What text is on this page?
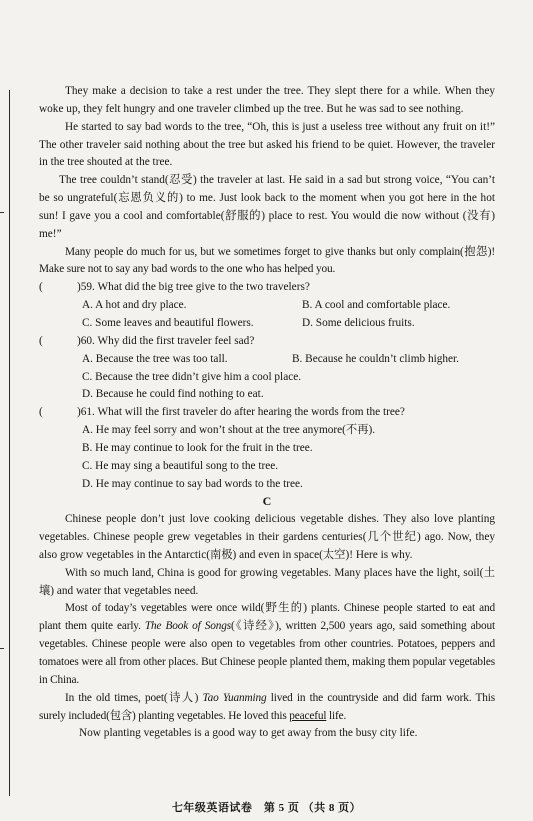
They make a decision to take a rest under the tree. They slept there for a while. When they woke up, they felt hungry and one traveler climbed up the tree. But he was sad to see nothing.

He started to say bad words to the tree, “Oh, this is just a useless tree without any fruit on it!” The other traveler said nothing about the tree but asked his friend to be quiet. However, the traveler in the tree shouted at the tree.

The tree couldn’t stand(忍受) the traveler at last. He said in a sad but strong voice, “You can’t be so ungrateful(忘恩负义的) to me. Just look back to the moment when you got here in the hot sun! I gave you a cool and comfortable(舒服的) place to rest. You would die now without (没有) me!”

Many people do much for us, but we sometimes forget to give thanks but only complain(抱怨)! Make sure not to say any bad words to the one who has helped you.

(	)59. What did the big tree give to the two travelers?

A. A hot and dry place.	B. A cool and comfortable place.

C. Some leaves and beautiful flowers.	D. Some delicious fruits.

(	)60. Why did the first traveler feel sad?

A. Because the tree was too tall.	B. Because he couldn’t climb higher.

C. Because the tree didn’t give him a cool place.

D. Because he could find nothing to eat.

(	)61. What will the first traveler do after hearing the words from the tree?

A. He may feel sorry and won’t shout at the tree anymore(不再).

B. He may continue to look for the fruit in the tree.

C. He may sing a beautiful song to the tree.

D. He may continue to say bad words to the tree.

C

Chinese people don’t just love cooking delicious vegetable dishes. They also love planting vegetables. Chinese people grew vegetables in their gardens centuries(几个世纪) ago. Now, they also grow vegetables in the Antarctic(南极) and even in space(太空)! Here is why.

With so much land, China is good for growing vegetables. Many places have the light, soil(土壤) and water that vegetables need.

Most of today’s vegetables were once wild(野生的) plants. Chinese people started to eat and plant them quite early. The Book of Songs(《诗经》), written 2,500 years ago, said something about vegetables. Chinese people were also open to vegetables from other countries. Potatoes, peppers and tomatoes were all from other places. But Chinese people planted them, making them popular vegetables in China.

In the old times, poet(诗人) Tao Yuanming lived in the countryside and did farm work. This surely included(包含) planting vegetables. He loved this peaceful life.

Now planting vegetables is a good way to get away from the busy city life.

七年级英语试卷　第 5 页 （共 8 页）
